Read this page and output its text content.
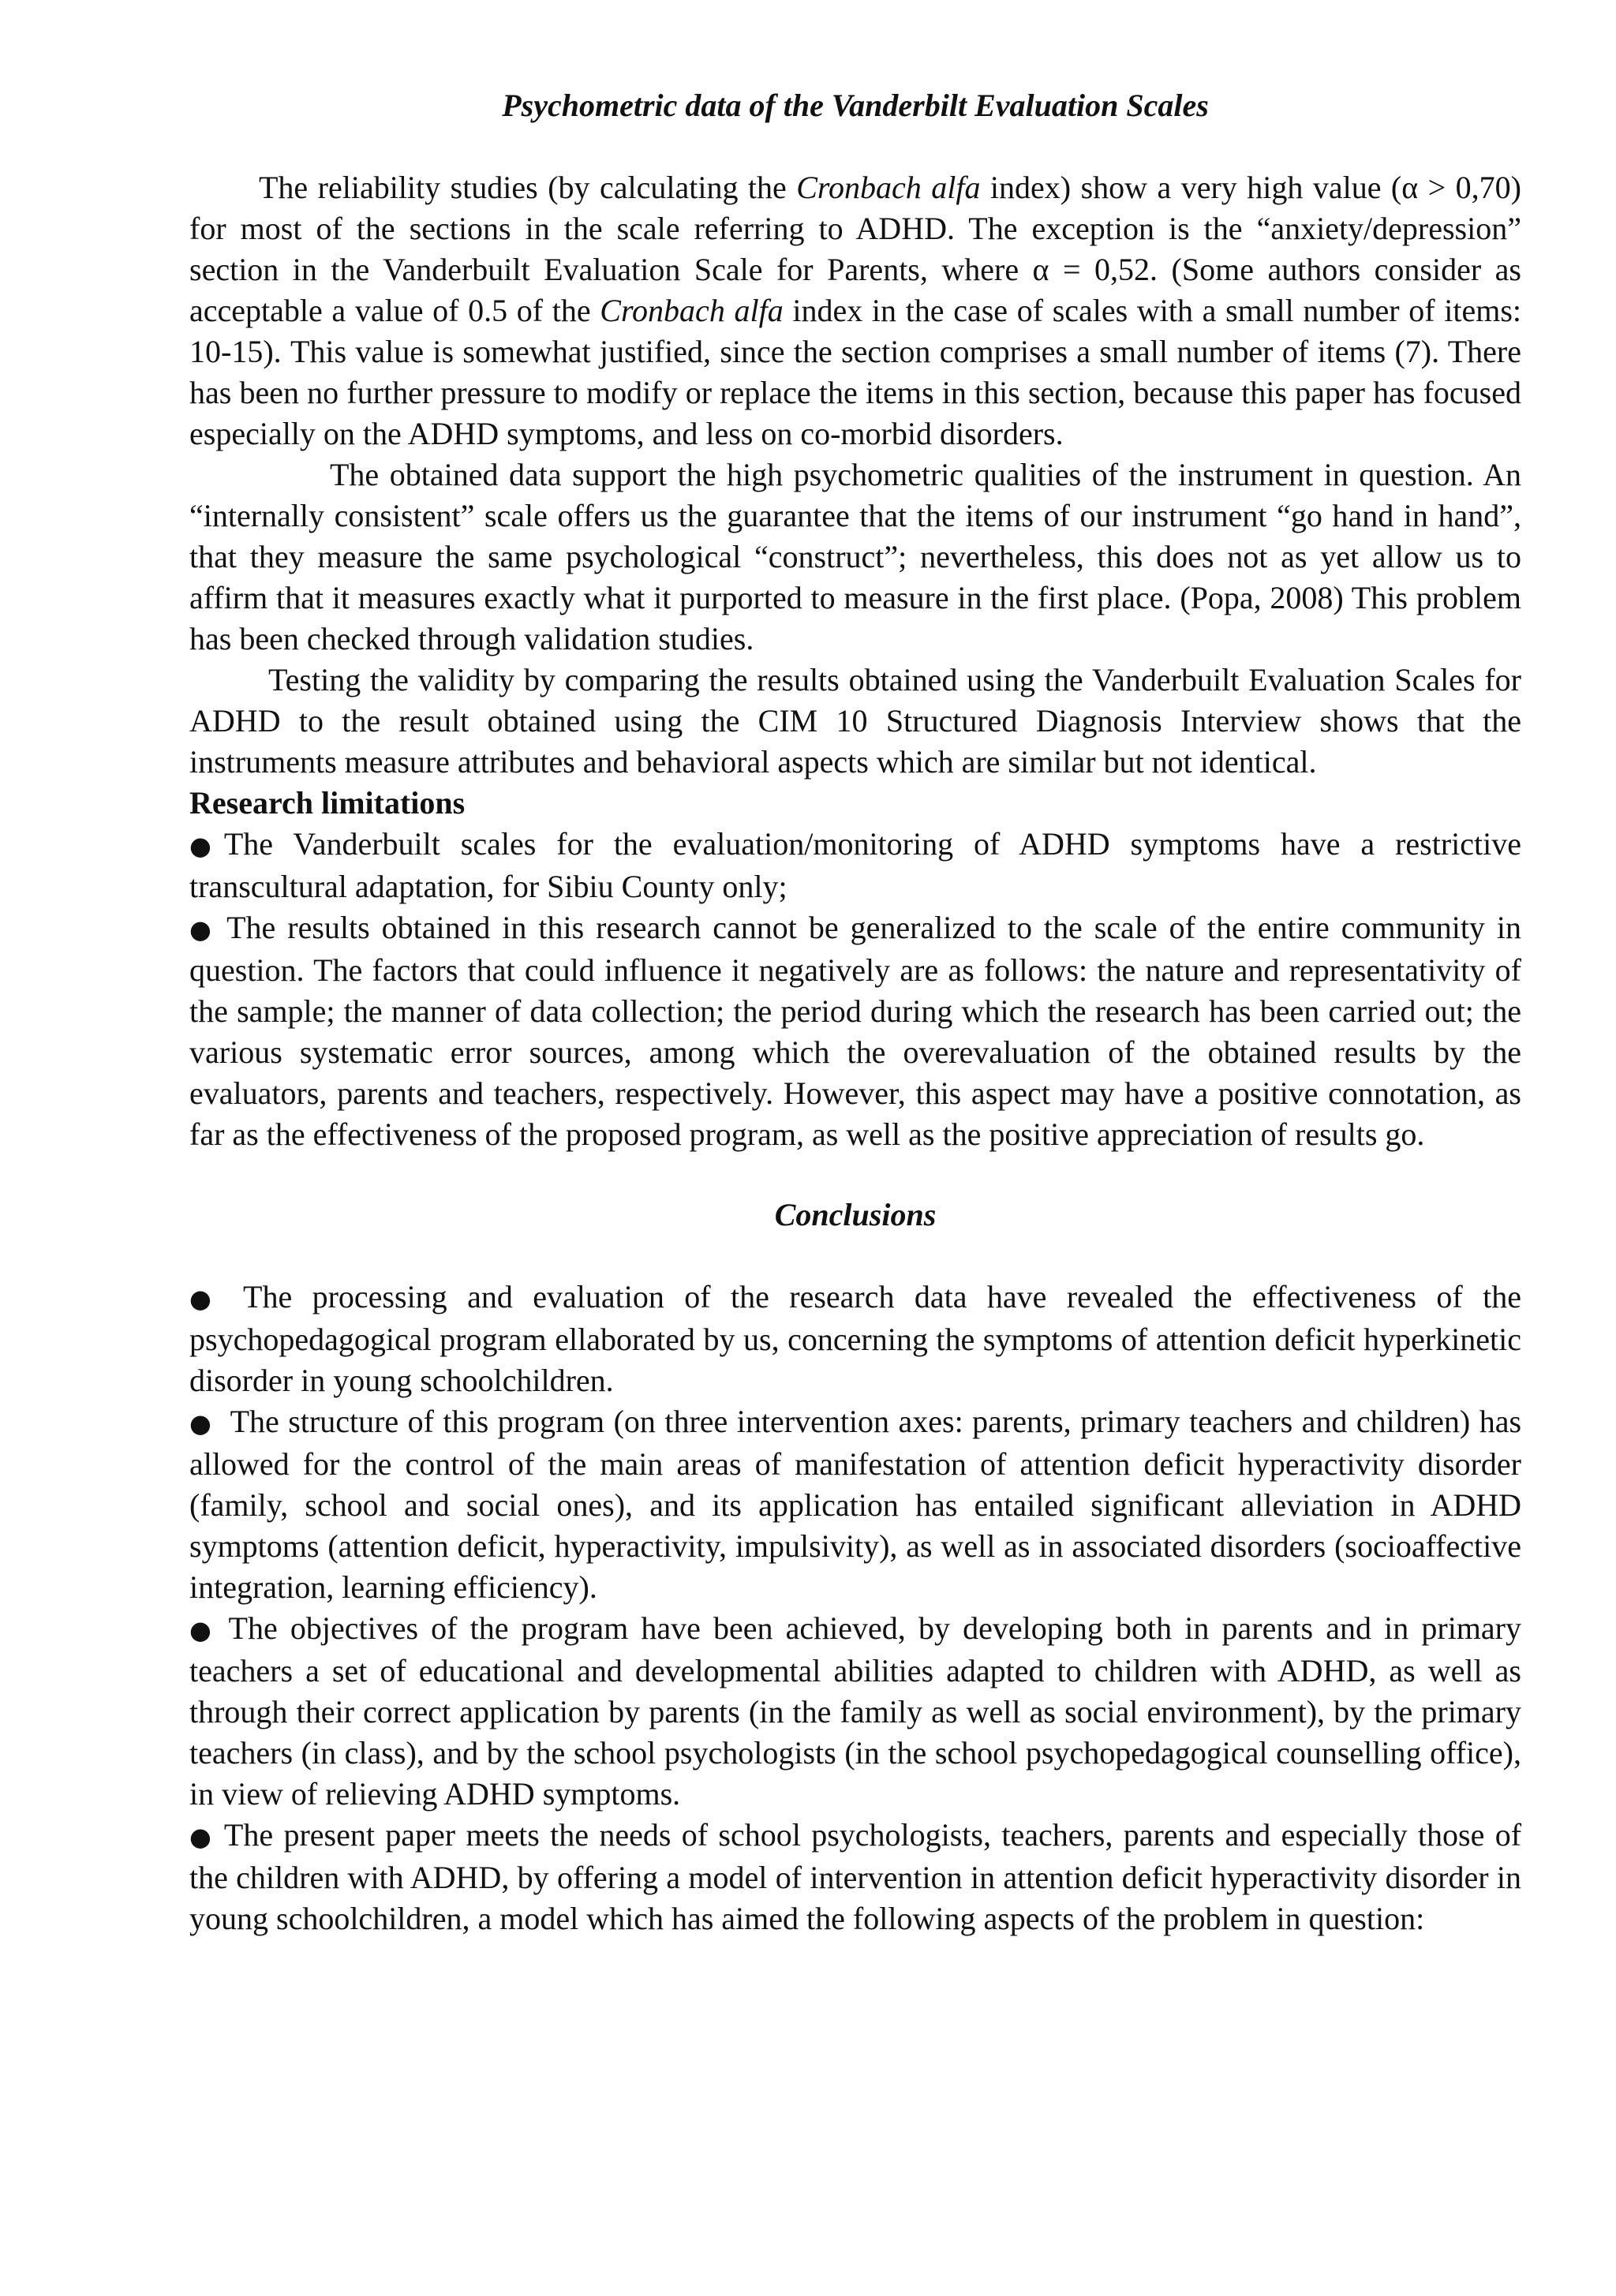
Psychometric data of the Vanderbilt Evaluation Scales

The reliability studies (by calculating the Cronbach alfa index) show a very high value (α > 0,70) for most of the sections in the scale referring to ADHD. The exception is the “anxiety/depression” section in the Vanderbuilt Evaluation Scale for Parents, where α = 0,52. (Some authors consider as acceptable a value of 0.5 of the Cronbach alfa index in the case of scales with a small number of items: 10-15). This value is somewhat justified, since the section comprises a small number of items (7). There has been no further pressure to modify or replace the items in this section, because this paper has focused especially on the ADHD symptoms, and less on co-morbid disorders.

The obtained data support the high psychometric qualities of the instrument in question. An “internally consistent” scale offers us the guarantee that the items of our instrument “go hand in hand”, that they measure the same psychological “construct”; nevertheless, this does not as yet allow us to affirm that it measures exactly what it purported to measure in the first place. (Popa, 2008) This problem has been checked through validation studies.

Testing the validity by comparing the results obtained using the Vanderbuilt Evaluation Scales for ADHD to the result obtained using the CIM 10 Structured Diagnosis Interview shows that the instruments measure attributes and behavioral aspects which are similar but not identical.

Research limitations

●The Vanderbuilt scales for the evaluation/monitoring of ADHD symptoms have a restrictive transcultural adaptation, for Sibiu County only;

● The results obtained in this research cannot be generalized to the scale of the entire community in question. The factors that could influence it negatively are as follows: the nature and representativity of the sample; the manner of data collection; the period during which the research has been carried out; the various systematic error sources, among which the overevaluation of the obtained results by the evaluators, parents and teachers, respectively. However, this aspect may have a positive connotation, as far as the effectiveness of the proposed program, as well as the positive appreciation of results go.

Conclusions

● The processing and evaluation of the research data have revealed the effectiveness of the psychopedagogical program ellaborated by us, concerning the symptoms of attention deficit hyperkinetic disorder in young schoolchildren.

● The structure of this program (on three intervention axes: parents, primary teachers and children) has allowed for the control of the main areas of manifestation of attention deficit hyperactivity disorder (family, school and social ones), and its application has entailed significant alleviation in ADHD symptoms (attention deficit, hyperactivity, impulsivity), as well as in associated disorders (socioaffective integration, learning efficiency).

● The objectives of the program have been achieved, by developing both in parents and in primary teachers a set of educational and developmental abilities adapted to children with ADHD, as well as through their correct application by parents (in the family as well as social environment), by the primary teachers (in class), and by the school psychologists (in the school psychopedagogical counselling office), in view of relieving ADHD symptoms.

● The present paper meets the needs of school psychologists, teachers, parents and especially those of the children with ADHD, by offering a model of intervention in attention deficit hyperactivity disorder in young schoolchildren, a model which has aimed the following aspects of the problem in question:
